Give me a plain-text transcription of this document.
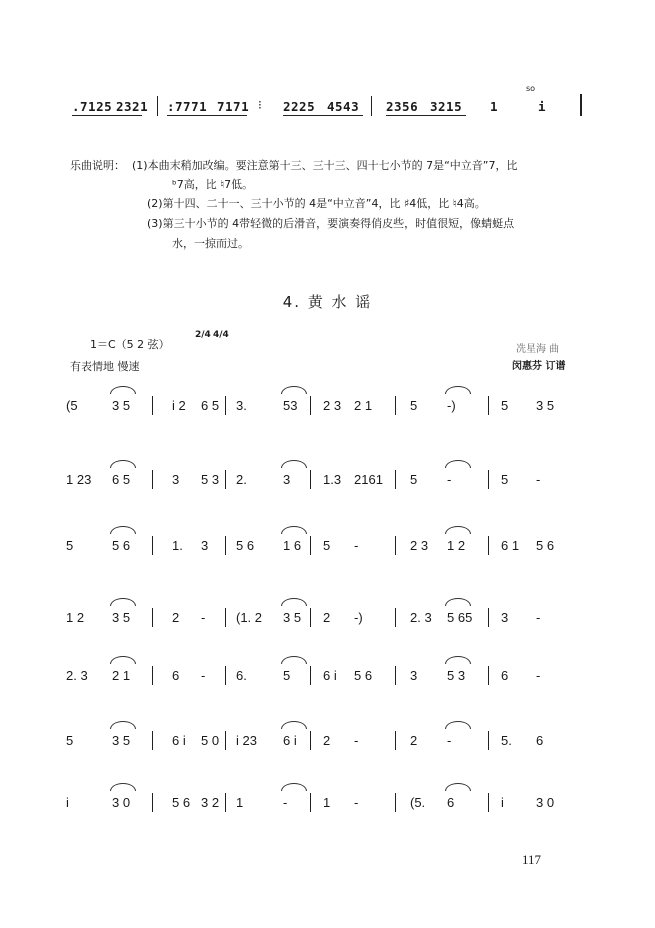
.7125 2321 :7771 7171 ⁝ 2225 4543 2356 3215 1	i
so
乐曲说明： (1)本曲末稍加改编。要注意第十三、三十三、四十七小节的 7是“中立音”7，比
ᵇ7高，比 ♮7低。
(2)第十四、二十一、三十小节的 4是“中立音”4，比 ♯4低，比 ♮4高。
(3)第三十小节的 4带轻微的后滑音，要演奏得俏皮些，时值很短，像蜻蜓点
水，一掠而过。
4. 黄 水 谣
1＝C（5 2 弦）
2/4 4/4
有表情地 慢速
冼星海 曲
闵惠芬 订谱
(5	3 5	i 2 6 5 3.	53 2 3 2 1	5 -)	5 3 5
1 23 6 5	3 5 3 2.	3	1.3 2161 5 -	5 -
5	5 6	1. 3 5 6 1 6 5 -	2 3 1 2	6 1 5 6
1 2 3 5	2 - (1. 2 3 5 2 -)	2. 3 5 65 3 -
2. 3 2 1	6 - 6.	5	6 i 5 6	3 5 3	6 -
5	3 5	6 i 5 0 i 23 6 i 2 -	2 -	5. 6
i	3 0	5 6 3 2 1	-	1 -	(5. 6	i 3 0
117
